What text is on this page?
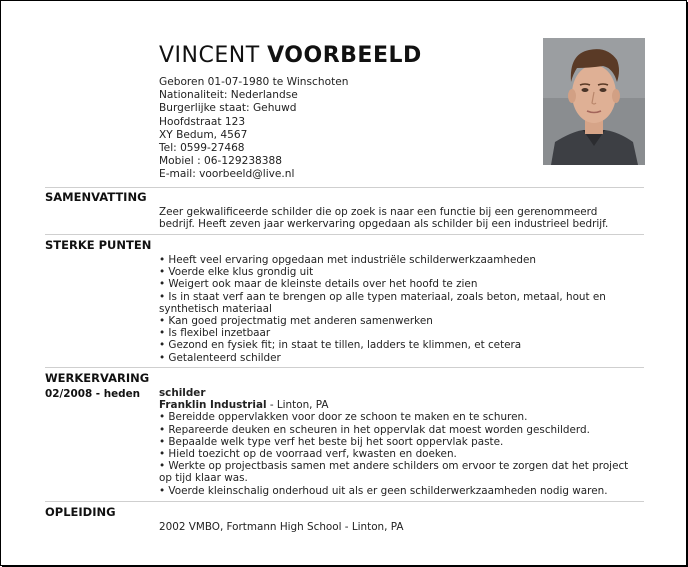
VINCENT VOORBEELD
Geboren 01-07-1980 te Winschoten
Nationaliteit: Nederlandse
Burgerlijke staat: Gehuwd
Hoofdstraat 123
XY Bedum, 4567
Tel: 0599-27468
Mobiel : 06-129238388
E-mail: voorbeeld@live.nl
SAMENVATTING
Zeer gekwalificeerde schilder die op zoek is naar een functie bij een gerenommeerd
bedrijf. Heeft zeven jaar werkervaring opgedaan als schilder bij een industrieel bedrijf.
STERKE PUNTEN
• Heeft veel ervaring opgedaan met industriële schilderwerkzaamheden
• Voerde elke klus grondig uit
• Weigert ook maar de kleinste details over het hoofd te zien
• Is in staat verf aan te brengen op alle typen materiaal, zoals beton, metaal, hout en
synthetisch materiaal
• Kan goed projectmatig met anderen samenwerken
• Is flexibel inzetbaar
• Gezond en fysiek fit; in staat te tillen, ladders te klimmen, et cetera
• Getalenteerd schilder
WERKERVARING
02/2008 - heden schilder
Franklin Industrial - Linton, PA
• Bereidde oppervlakken voor door ze schoon te maken en te schuren.
• Repareerde deuken en scheuren in het oppervlak dat moest worden geschilderd.
• Bepaalde welk type verf het beste bij het soort oppervlak paste.
• Hield toezicht op de voorraad verf, kwasten en doeken.
• Werkte op projectbasis samen met andere schilders om ervoor te zorgen dat het project
op tijd klaar was.
• Voerde kleinschalig onderhoud uit als er geen schilderwerkzaamheden nodig waren.
OPLEIDING
2002 VMBO, Fortmann High School - Linton, PA
